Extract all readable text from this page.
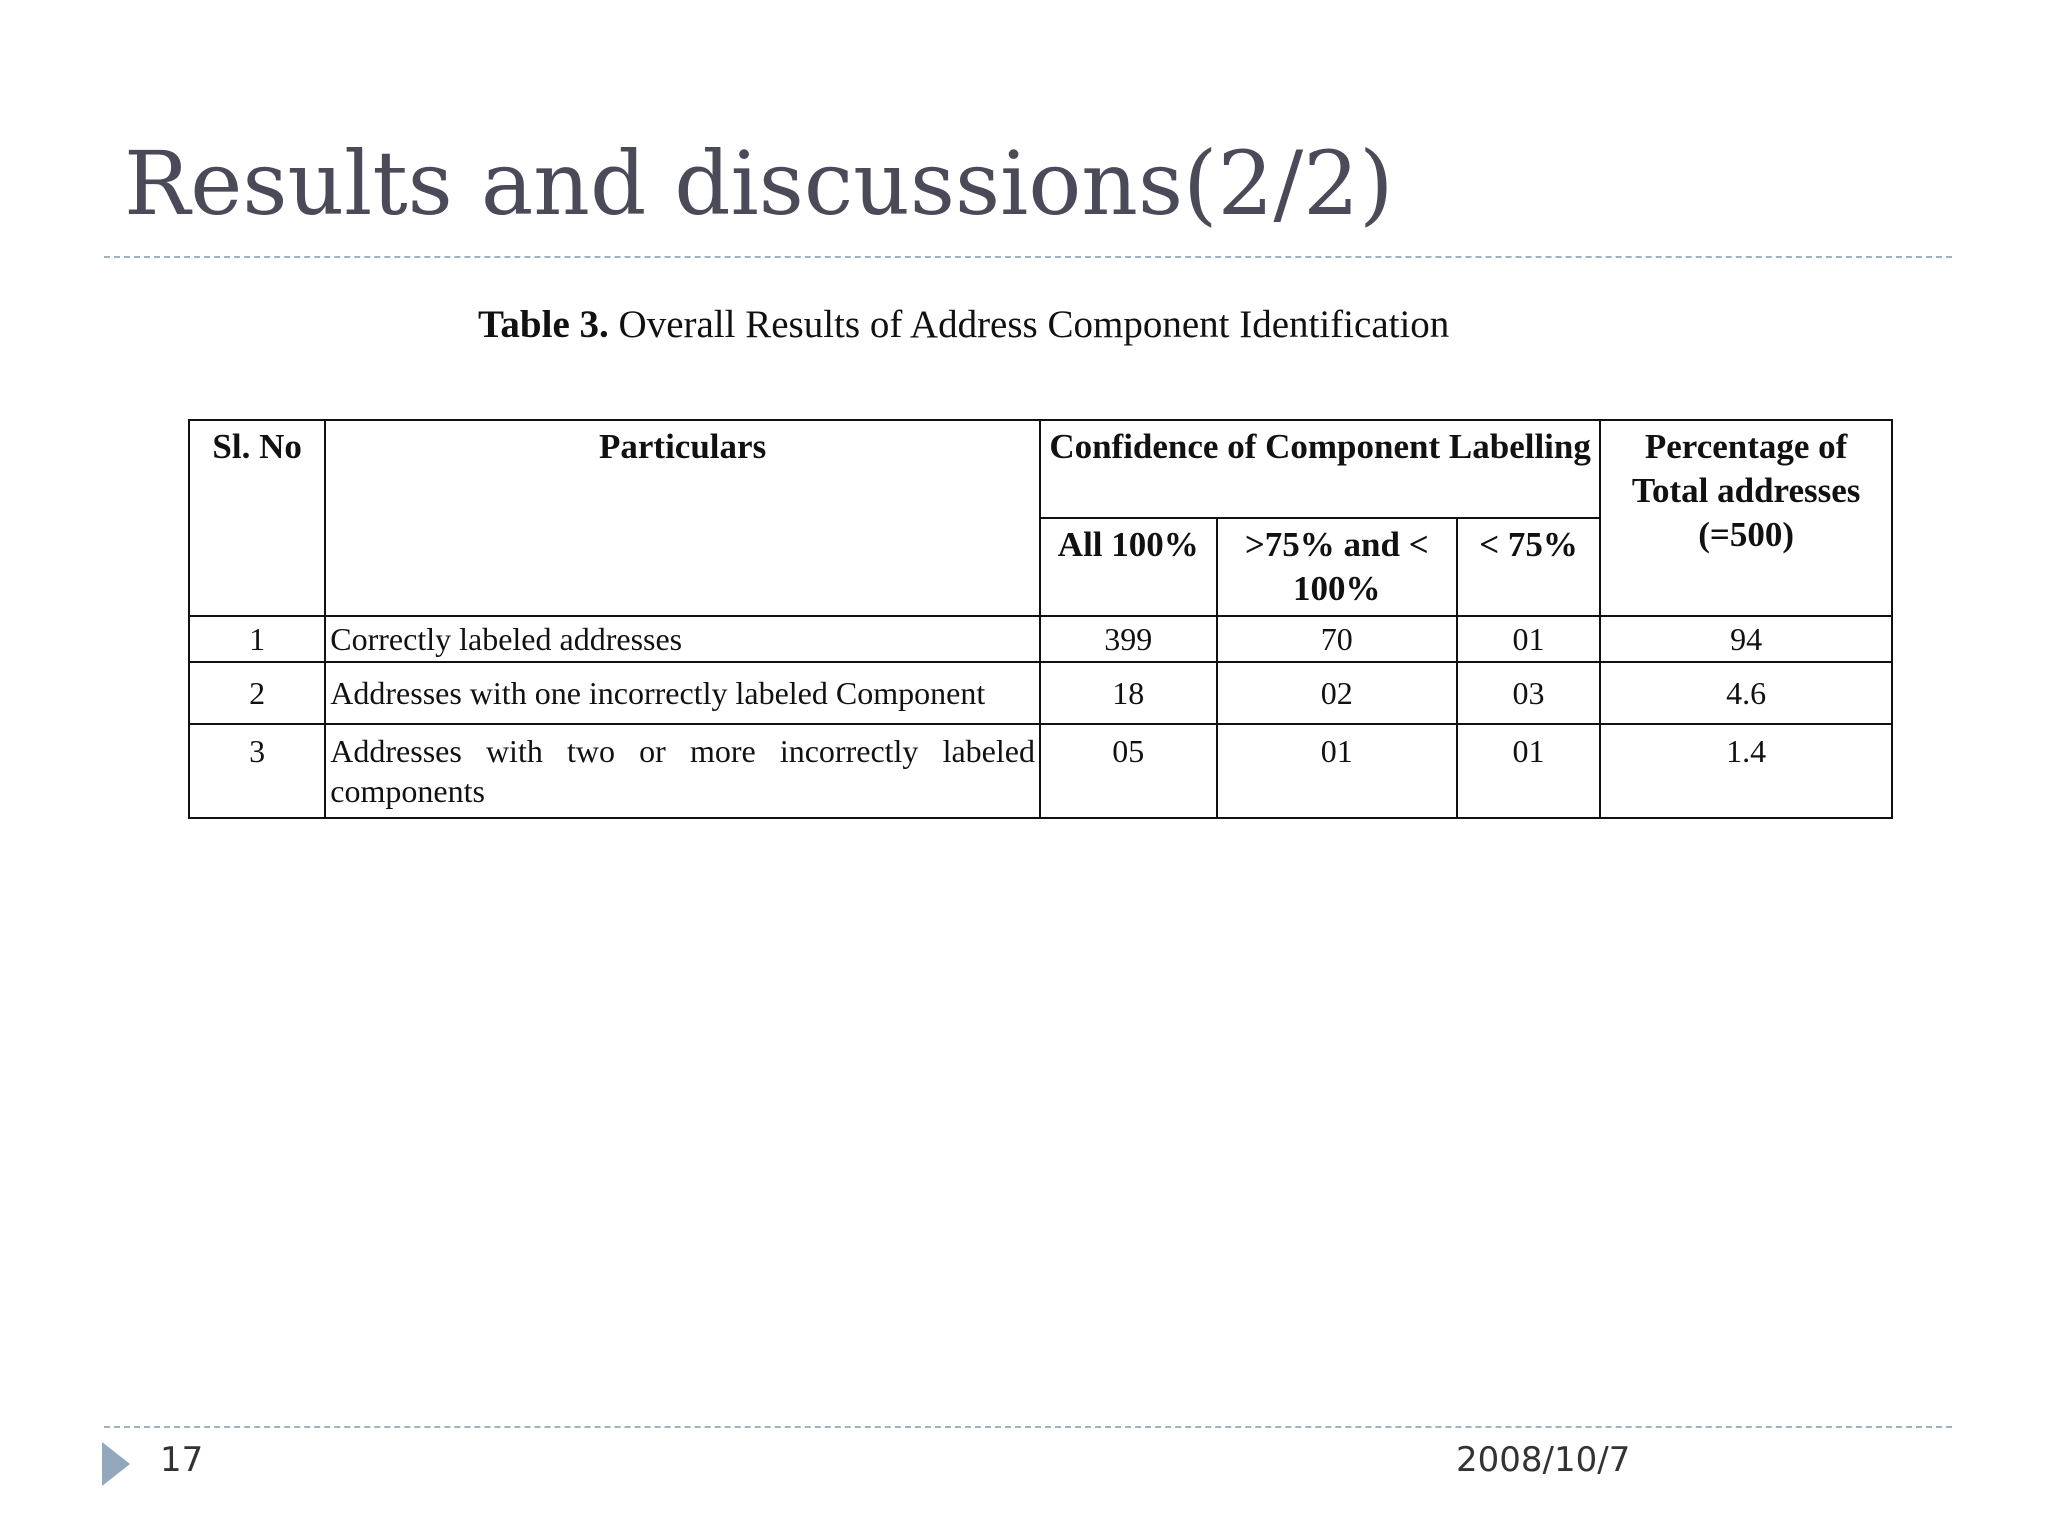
Results and discussions(2/2)
Table 3. Overall Results of Address Component Identification
Sl. No	Particulars	Confidence of Component Labelling			Percentage of Total addresses (=500)
		All 100%	>75% and < 100%	< 75%	
1	Correctly labeled addresses	399	70	01	94
2	Addresses with one incorrectly labeled Component	18	02	03	4.6
3	Addresses with two or more incorrectly labeled components	05	01	01	1.4
17	2008/10/7
